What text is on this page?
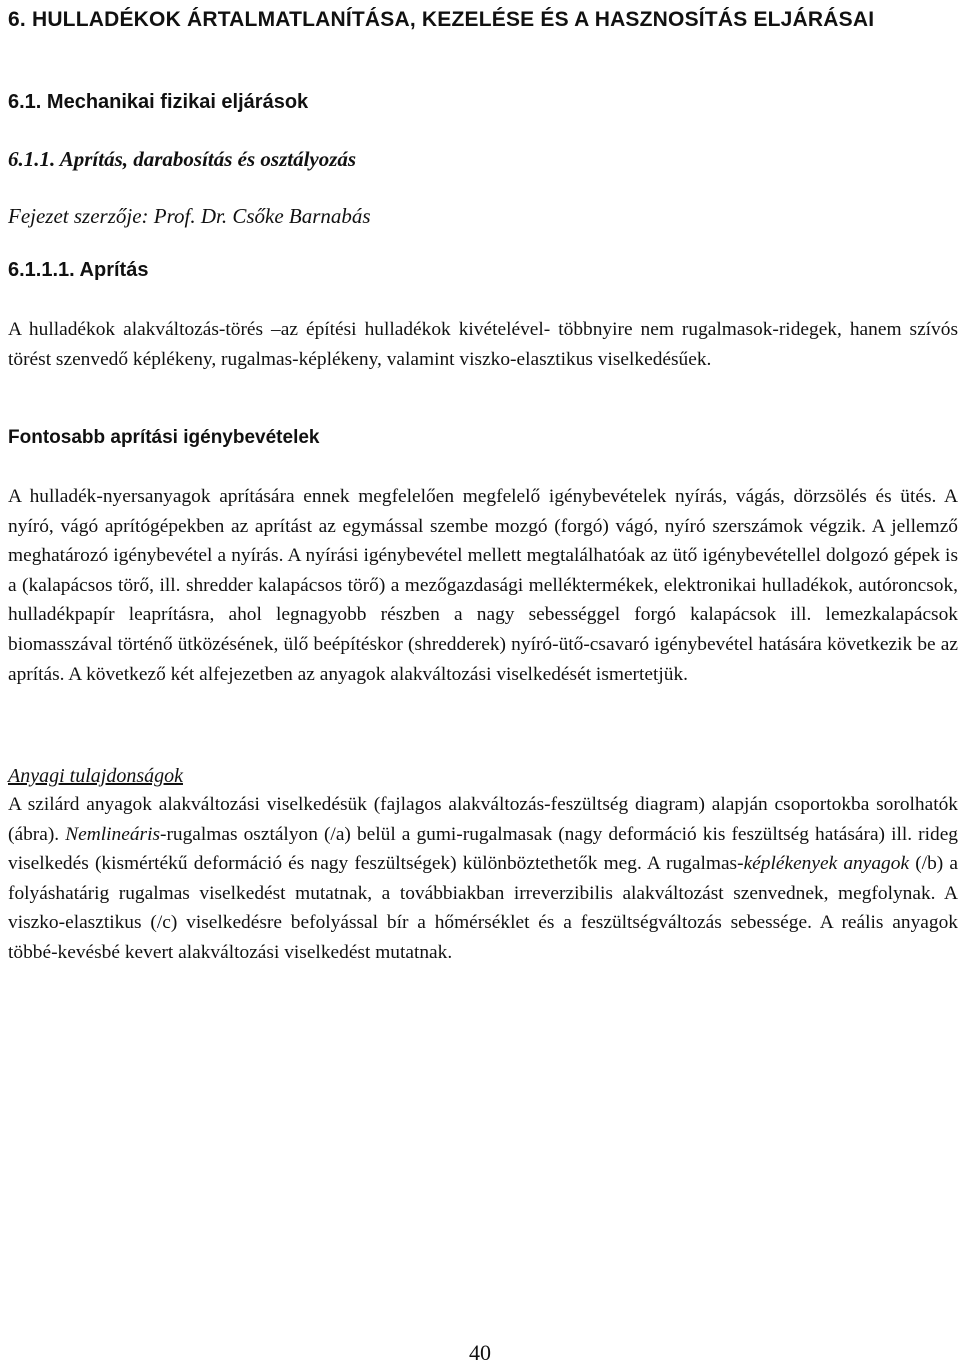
6. HULLADÉKOK ÁRTALMATLANÍTÁSA, KEZELÉSE ÉS A HASZNOSÍTÁS ELJÁRÁSAI
6.1. Mechanikai fizikai eljárások
6.1.1. Aprítás, darabosítás és osztályozás
Fejezet szerzője: Prof. Dr. Csőke Barnabás
6.1.1.1. Aprítás
A hulladékok alakváltozás-törés –az építési hulladékok kivételével- többnyire nem rugalmasok-ridegek, hanem szívós törést szenvedő képlékeny, rugalmas-képlékeny, valamint viszko-elasztikus viselkedésűek.
Fontosabb aprítási igénybevételek
A hulladék-nyersanyagok aprítására ennek megfelelően megfelelő igénybevételek nyírás, vágás, dörzsölés és ütés. A nyíró, vágó aprítógépekben az aprítást az egymással szembe mozgó (forgó) vágó, nyíró szerszámok végzik. A jellemző meghatározó igénybevétel a nyírás. A nyírási igénybevétel mellett megtalálhatóak az ütő igénybevétellel dolgozó gépek is a (kalapácsos törő, ill. shredder kalapácsos törő) a mezőgazdasági melléktermékek, elektronikai hulladékok, autóroncsok, hulladékpapír leaprításra, ahol legnagyobb részben a nagy sebességgel forgó kalapácsok ill. lemezkalapácsok biomasszával történő ütközésének, ülő beépítéskor (shredderek) nyíró-ütő-csavaró igénybevétel hatására következik be az aprítás. A következő két alfejezetben az anyagok alakváltozási viselkedését ismertetjük.
Anyagi tulajdonságok
A szilárd anyagok alakváltozási viselkedésük (fajlagos alakváltozás-feszültség diagram) alapján csoportokba sorolhatók (ábra). Nemlineáris-rugalmas osztályon (/a) belül a gumi-rugalmasak (nagy deformáció kis feszültség hatására) ill. rideg viselkedés (kismértékű deformáció és nagy feszültségek) különböztethetők meg. A rugalmas-képlékenyek anyagok (/b) a folyáshatárig rugalmas viselkedést mutatnak, a továbbiakban irreverzibilis alakváltozást szenvednek, megfolynak. A viszko-elasztikus (/c) viselkedésre befolyással bír a hőmérséklet és a feszültségváltozás sebessége. A reális anyagok többé-kevésbé kevert alakváltozási viselkedést mutatnak.
40
